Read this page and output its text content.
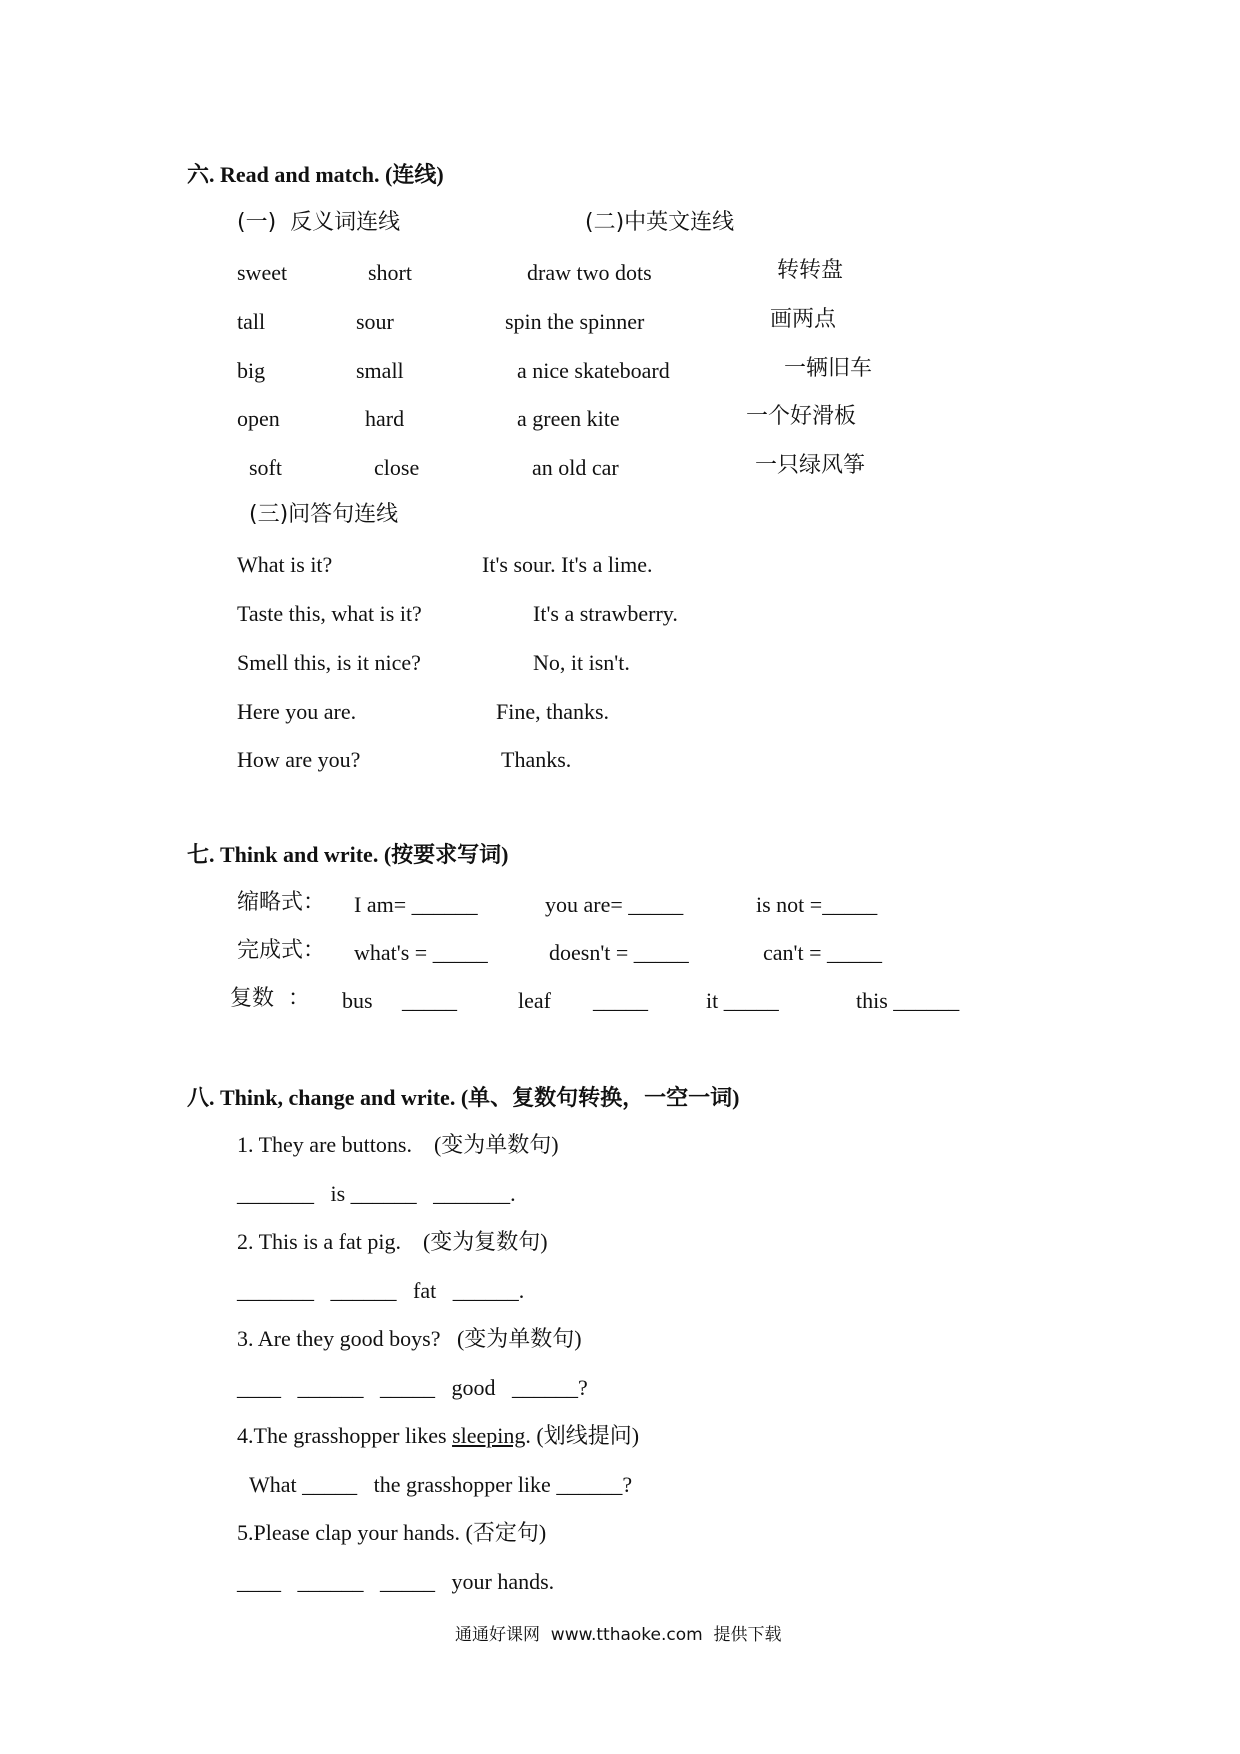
六. Read and match. (连线)
(一)  反义词连线	(二)中英文连线
sweet	short	draw two dots	转转盘
tall	sour	spin the spinner	画两点
big	small	a nice skateboard	一辆旧车
open	hard	a green kite	一个好滑板
soft	close	an old car	一只绿风筝
(三)问答句连线
What is it?	It's sour. It's a lime.
Taste this, what is it?	It's a strawberry.
Smell this, is it nice?	No, it isn't.
Here you are.	Fine, thanks.
How are you?	Thanks.
七. Think and write. (按要求写词)
缩略式： I am= ______	you are= _____	is not =_____
完成式： what's = _____	doesn't = _____	can't = _____
复数  ： bus _____	leaf _____	it _____	this ______
八. Think, change and write. (单、复数句转换，一空一词)
1. They are buttons.    (变为单数句)
_______   is ______   _______.
2. This is a fat pig.    (变为复数句)
_______   ______   fat   ______.
3. Are they good boys?   (变为单数句)
____   ______   _____   good   ______?
4.The grasshopper likes sleeping. (划线提问)
What _____   the grasshopper like ______?
5.Please clap your hands. (否定句)
____   ______   _____   your hands.
通通好课网  www.tthaoke.com  提供下载
